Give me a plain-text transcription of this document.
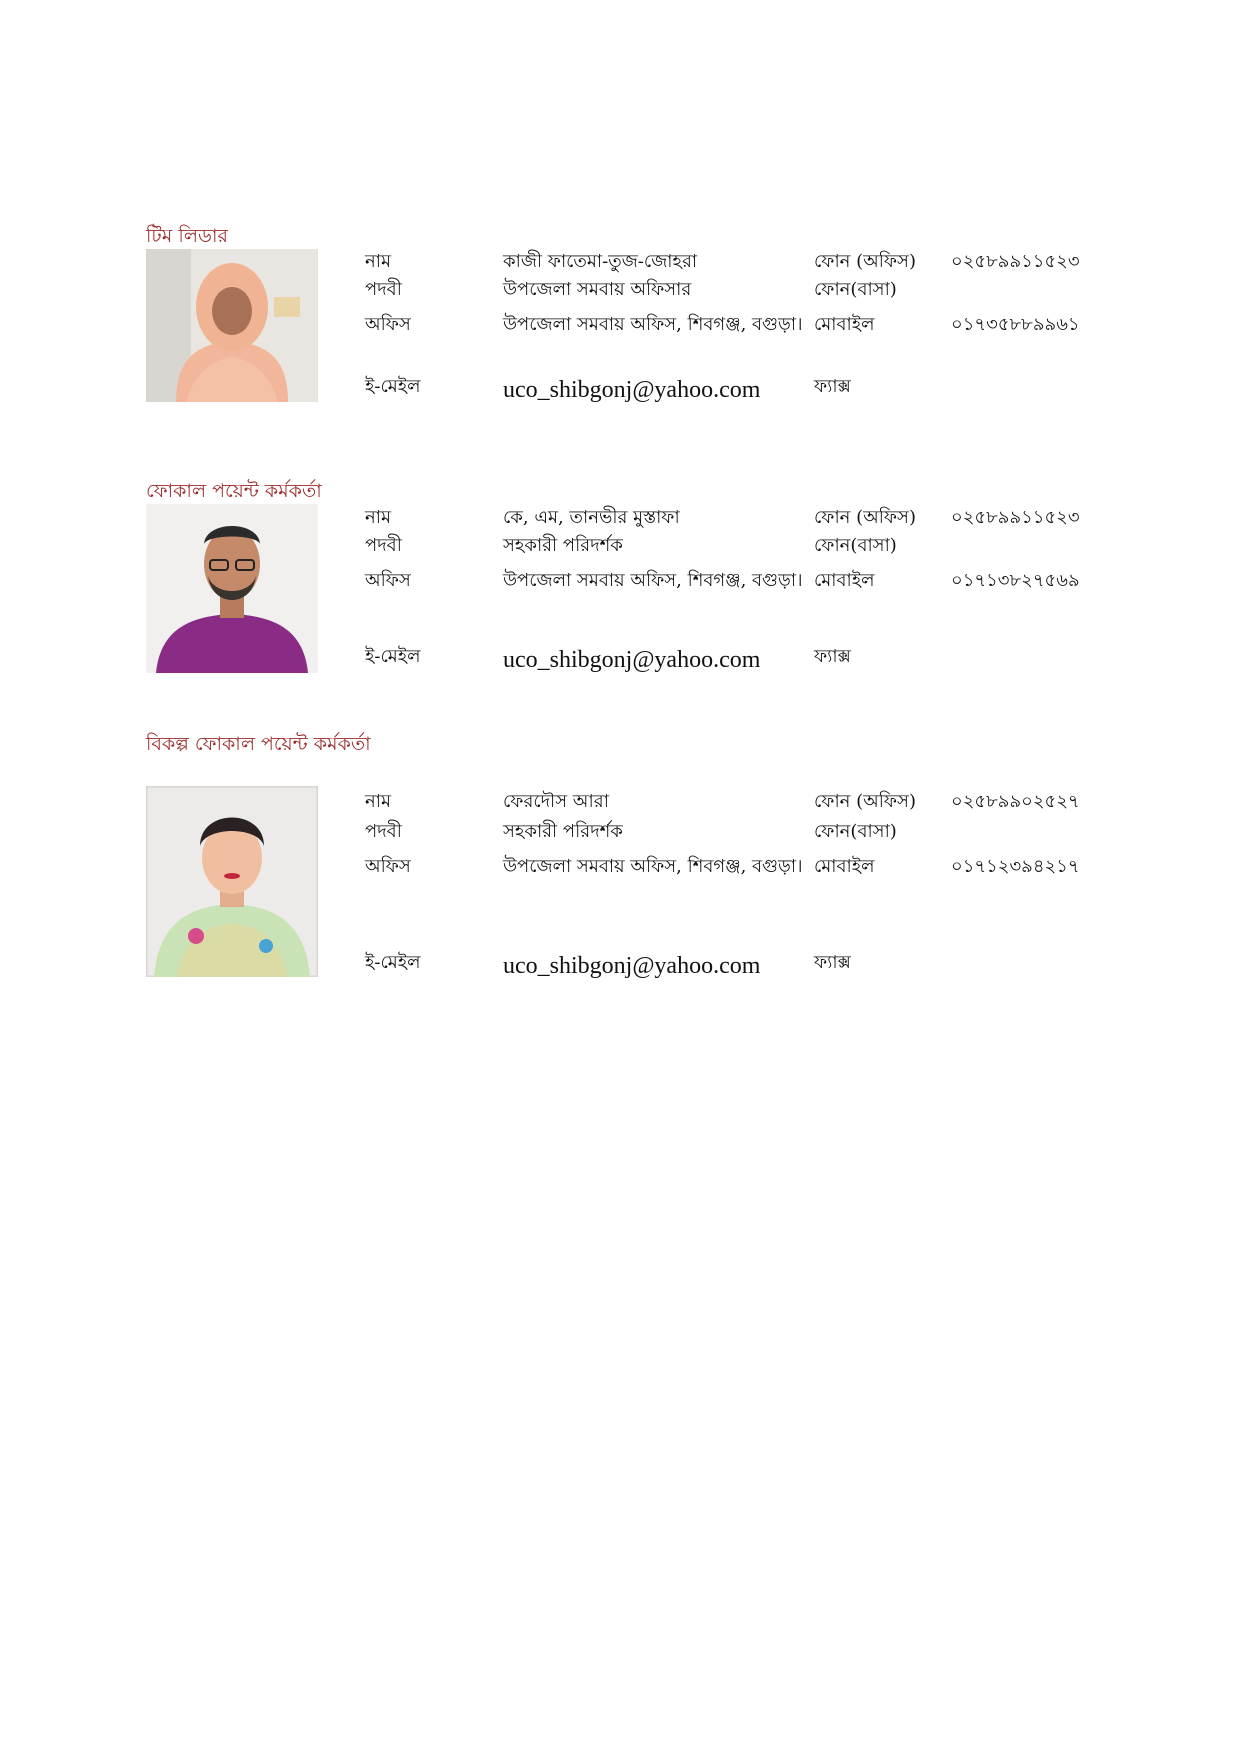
টিম লিডার
নাম
পদবী
অফিস
ই-মেইল
কাজী ফাতেমা-তুজ-জোহরা
উপজেলা সমবায় অফিসার
উপজেলা সমবায় অফিস, শিবগঞ্জ, বগুড়া।
uco_shibgonj@yahoo.com
ফোন (অফিস)
ফোন(বাসা)
মোবাইল
ফ্যাক্স
০২৫৮৯৯১১৫২৩
০১৭৩৫৮৮৯৯৬১
ফোকাল পয়েন্ট কর্মকর্তা
নাম
পদবী
অফিস
ই-মেইল
কে, এম, তানভীর মুস্তাফা
সহকারী পরিদর্শক
উপজেলা সমবায় অফিস, শিবগঞ্জ, বগুড়া।
uco_shibgonj@yahoo.com
ফোন (অফিস)
ফোন(বাসা)
মোবাইল
ফ্যাক্স
০২৫৮৯৯১১৫২৩
০১৭১৩৮২৭৫৬৯
বিকল্প ফোকাল পয়েন্ট কর্মকর্তা
নাম
পদবী
অফিস
ই-মেইল
ফেরদৌস আরা
সহকারী পরিদর্শক
উপজেলা সমবায় অফিস, শিবগঞ্জ, বগুড়া।
uco_shibgonj@yahoo.com
ফোন (অফিস)
ফোন(বাসা)
মোবাইল
ফ্যাক্স
০২৫৮৯৯০২৫২৭
০১৭১২৩৯৪২১৭
